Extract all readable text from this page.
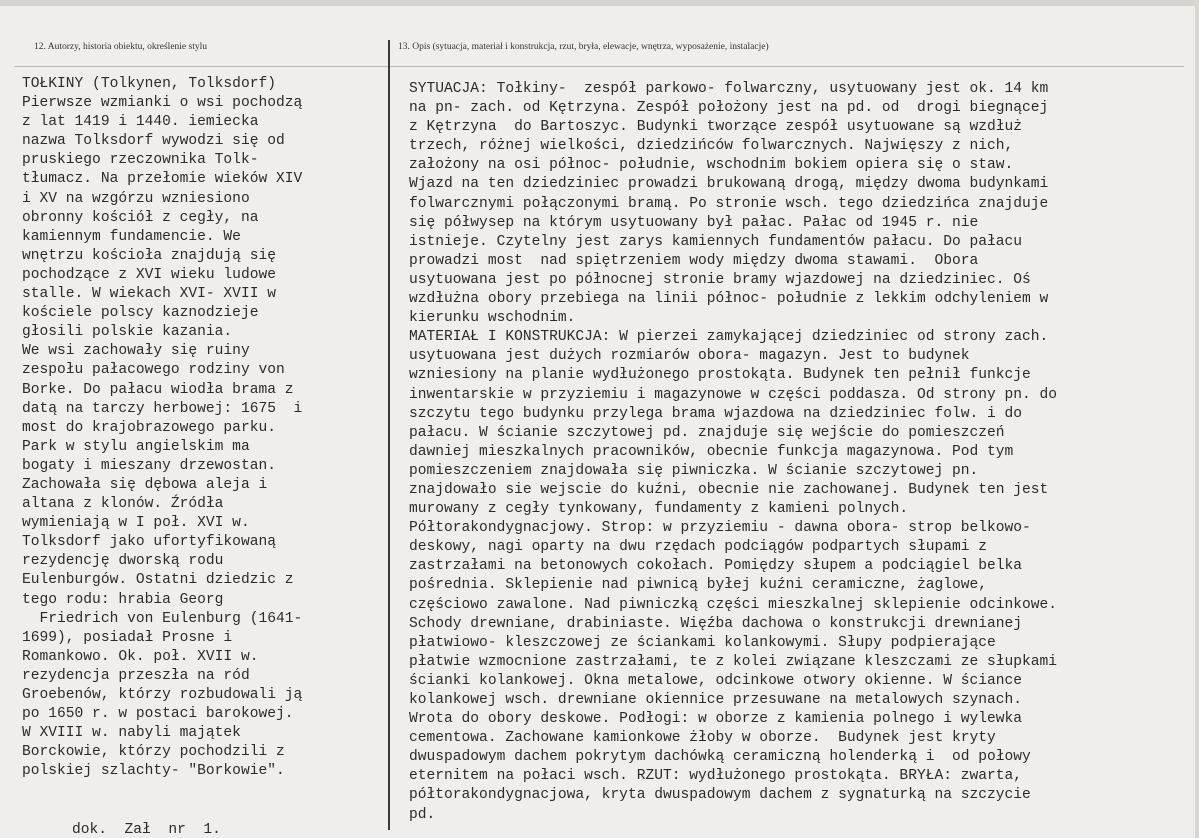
12. Autorzy, historia obiektu, określenie stylu	13. Opis (sytuacja, materiał i konstrukcja, rzut, bryła, elewacje, wnętrza, wyposażenie, instalacje)
TOŁKINY (Tolkynen, Tolksdorf)
Pierwsze wzmianki o wsi pochodzą
z lat 1419 i 1440. iemiecka
nazwa Tolksdorf wywodzi się od
pruskiego rzeczownika Tolk-
tłumacz. Na przełomie wieków XIV
i XV na wzgórzu wzniesiono
obronny kościół z cegły, na
kamiennym fundamencie. We
wnętrzu kościoła znajdują się
pochodzące z XVI wieku ludowe
stalle. W wiekach XVI- XVII w
kościele polscy kaznodzieje
głosili polskie kazania.
We wsi zachowały się ruiny
zespołu pałacowego rodziny von
Borke. Do pałacu wiodła brama z
datą na tarczy herbowej: 1675  i
most do krajobrazowego parku.
Park w stylu angielskim ma
bogaty i mieszany drzewostan.
Zachowała się dębowa aleja i
altana z klonów. Źródła
wymieniają w I poł. XVI w.
Tolksdorf jako ufortyfikowaną
rezydencję dworską rodu
Eulenburgów. Ostatni dziedzic z
tego rodu: hrabia Georg
Friedrich von Eulenburg (1641-
1699), posiadał Prosne i
Romankowo. Ok. poł. XVII w.
rezydencja przeszła na ród
Groebenów, którzy rozbudowali ją
po 1650 r. w postaci barokowej.
W XVIII w. nabyli majątek
Borckowie, którzy pochodzili z
polskiej szlachty- "Borkowie".
SYTUACJA: Tołkiny-  zespół parkowo- folwarczny, usytuowany jest ok. 14 km
na pn- zach. od Kętrzyna. Zespół położony jest na pd. od  drogi biegnącej
z Kętrzyna  do Bartoszyc. Budynki tworzące zespół usytuowane są wzdłuż
trzech, różnej wielkości, dziedzińców folwarcznych. Najwięszy z nich,
założony na osi północ- południe, wschodnim bokiem opiera się o staw.
Wjazd na ten dziedziniec prowadzi brukowaną drogą, między dwoma budynkami
folwarcznymi połączonymi bramą. Po stronie wsch. tego dziedzińca znajduje
się półwysep na którym usytuowany był pałac. Pałac od 1945 r. nie
istnieje. Czytelny jest zarys kamiennych fundamentów pałacu. Do pałacu
prowadzi most  nad spiętrzeniem wody między dwoma stawami.  Obora
usytuowana jest po północnej stronie bramy wjazdowej na dziedziniec. Oś
wzdłużna obory przebiega na linii północ- południe z lekkim odchyleniem w
kierunku wschodnim.
MATERIAŁ I KONSTRUKCJA: W pierzei zamykającej dziedziniec od strony zach.
usytuowana jest dużych rozmiarów obora- magazyn. Jest to budynek
wzniesiony na planie wydłużonego prostokąta. Budynek ten pełnił funkcje
inwentarskie w przyziemiu i magazynowe w części poddasza. Od strony pn. do
szczytu tego budynku przylega brama wjazdowa na dziedziniec folw. i do
pałacu. W ścianie szczytowej pd. znajduje się wejście do pomieszczeń
dawniej mieszkalnych pracowników, obecnie funkcja magazynowa. Pod tym
pomieszczeniem znajdowała się piwniczka. W ścianie szczytowej pn.
znajdowało sie wejscie do kuźni, obecnie nie zachowanej. Budynek ten jest
murowany z cegły tynkowany, fundamenty z kamieni polnych.
Półtorakondygnacjowy. Strop: w przyziemiu - dawna obora- strop belkowo-
deskowy, nagi oparty na dwu rzędach podciągów podpartych słupami z
zastrzałami na betonowych cokołach. Pomiędzy słupem a podciągiel belka
pośrednia. Sklepienie nad piwnicą byłej kuźni ceramiczne, żaglowe,
częściowo zawalone. Nad piwniczką części mieszkalnej sklepienie odcinkowe.
Schody drewniane, drabiniaste. Więźba dachowa o konstrukcji drewnianej
płatwiowo- kleszczowej ze ściankami kolankowymi. Słupy podpierające
płatwie wzmocnione zastrzałami, te z kolei związane kleszczami ze słupkami
ścianki kolankowej. Okna metalowe, odcinkowe otwory okienne. W ściance
kolankowej wsch. drewniane okiennice przesuwane na metalowych szynach.
Wrota do obory deskowe. Podłogi: w oborze z kamienia polnego i wylewka
cementowa. Zachowane kamionkowe żłoby w oborze.  Budynek jest kryty
dwuspadowym dachem pokrytym dachówką ceramiczną holenderką i  od połowy
eternitem na połaci wsch. RZUT: wydłużonego prostokąta. BRYŁA: zwarta,
półtorakondygnacjowa, kryta dwuspadowym dachem z sygnaturką na szczycie
pd.
dok.  Zał  nr  1.
